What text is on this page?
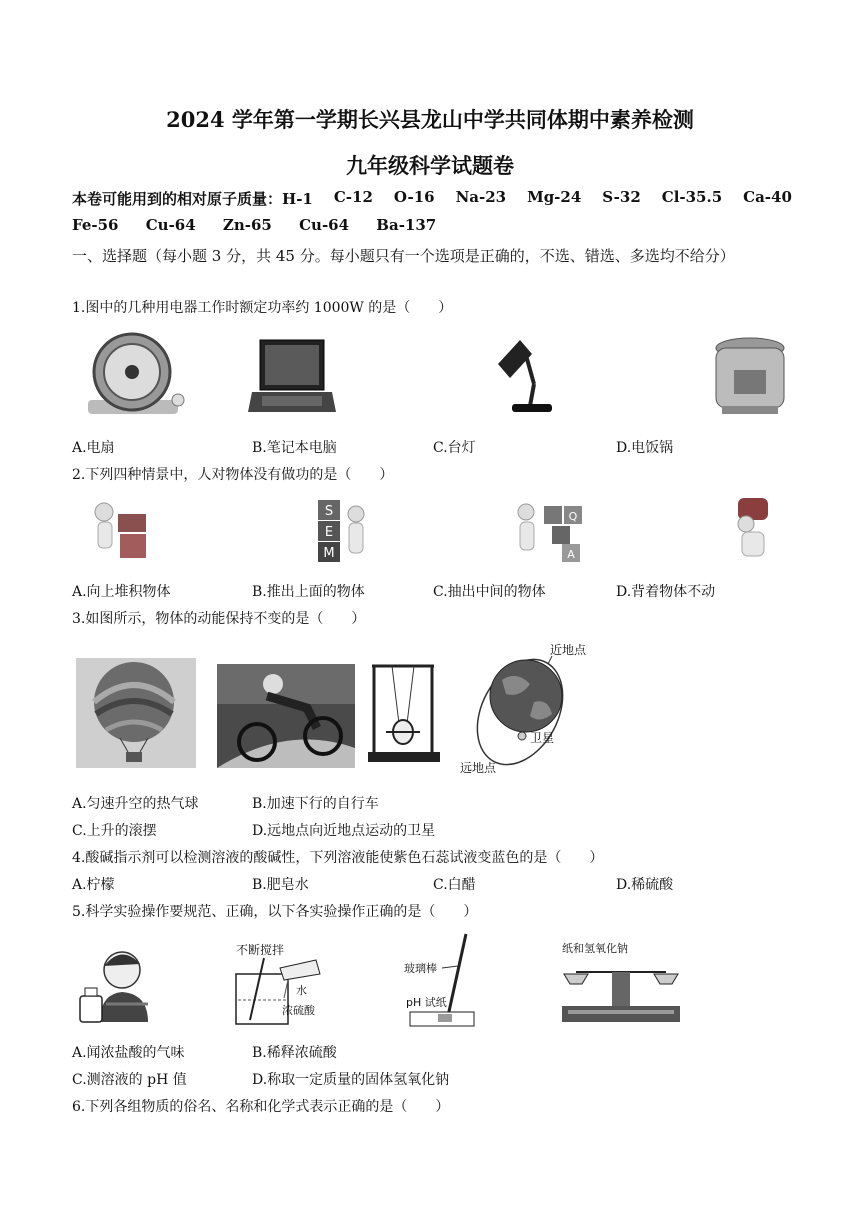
2024 学年第一学期长兴县龙山中学共同体期中素养检测
九年级科学试题卷
本卷可能用到的相对原子质量：H-1 C-12 O-16 Na-23 Mg-24 S-32 Cl-35.5 Ca-40
Fe-56 Cu-64 Zn-65 Cu-64 Ba-137
一、选择题（每小题 3 分，共 45 分。每小题只有一个选项是正确的，不选、错选、多选均不给分）
1.图中的几种用电器工作时额定功率约 1000W 的是（　　）
A.电扇	B.笔记本电脑	C.台灯	D.电饭锅
2.下列四种情景中，人对物体没有做功的是（　　）
S
E
M
Q
A
A.向上堆积物体	B.推出上面的物体	C.抽出中间的物体	D.背着物体不动
3.如图所示，物体的动能保持不变的是（　　）
近地点
卫星
远地点
A.匀速升空的热气球	B.加速下行的自行车
C.上升的滚摆	D.远地点向近地点运动的卫星
4.酸碱指示剂可以检测溶液的酸碱性，下列溶液能使紫色石蕊试液变蓝色的是（　　）
A.柠檬	B.肥皂水	C.白醋	D.稀硫酸
5.科学实验操作要规范、正确，以下各实验操作正确的是（　　）
不断搅拌
水
浓硫酸
玻璃棒
pH 试纸
纸和氢氧化钠
A.闻浓盐酸的气味	B.稀释浓硫酸
C.测溶液的 pH 值	D.称取一定质量的固体氢氧化钠
6.下列各组物质的俗名、名称和化学式表示正确的是（　　）
